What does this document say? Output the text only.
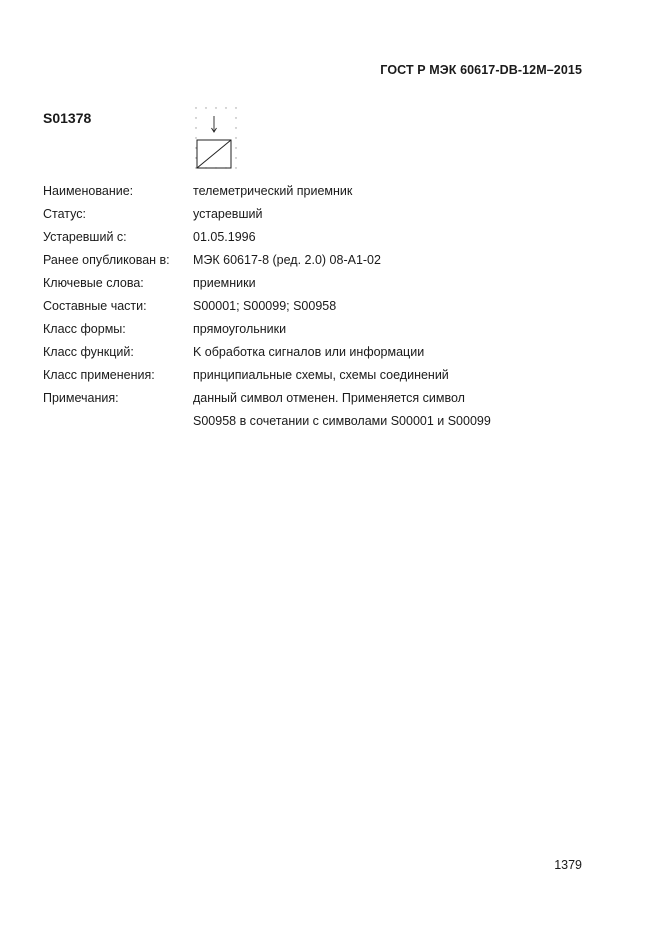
ГОСТ Р МЭК 60617-DB-12M–2015
S01378
Наименование:	телеметрический приемник
Статус:	устаревший
Устаревший с:	01.05.1996
Ранее опубликован в:	МЭК 60617-8 (ред. 2.0) 08-A1-02
Ключевые слова:	приемники
Составные части:	S00001; S00099; S00958
Класс формы:	прямоугольники
Класс функций:	K обработка сигналов или информации
Класс применения:	принципиальные схемы, схемы соединений
Примечания:	данный символ отменен. Применяется символ
S00958 в сочетании с символами S00001 и S00099
1379
